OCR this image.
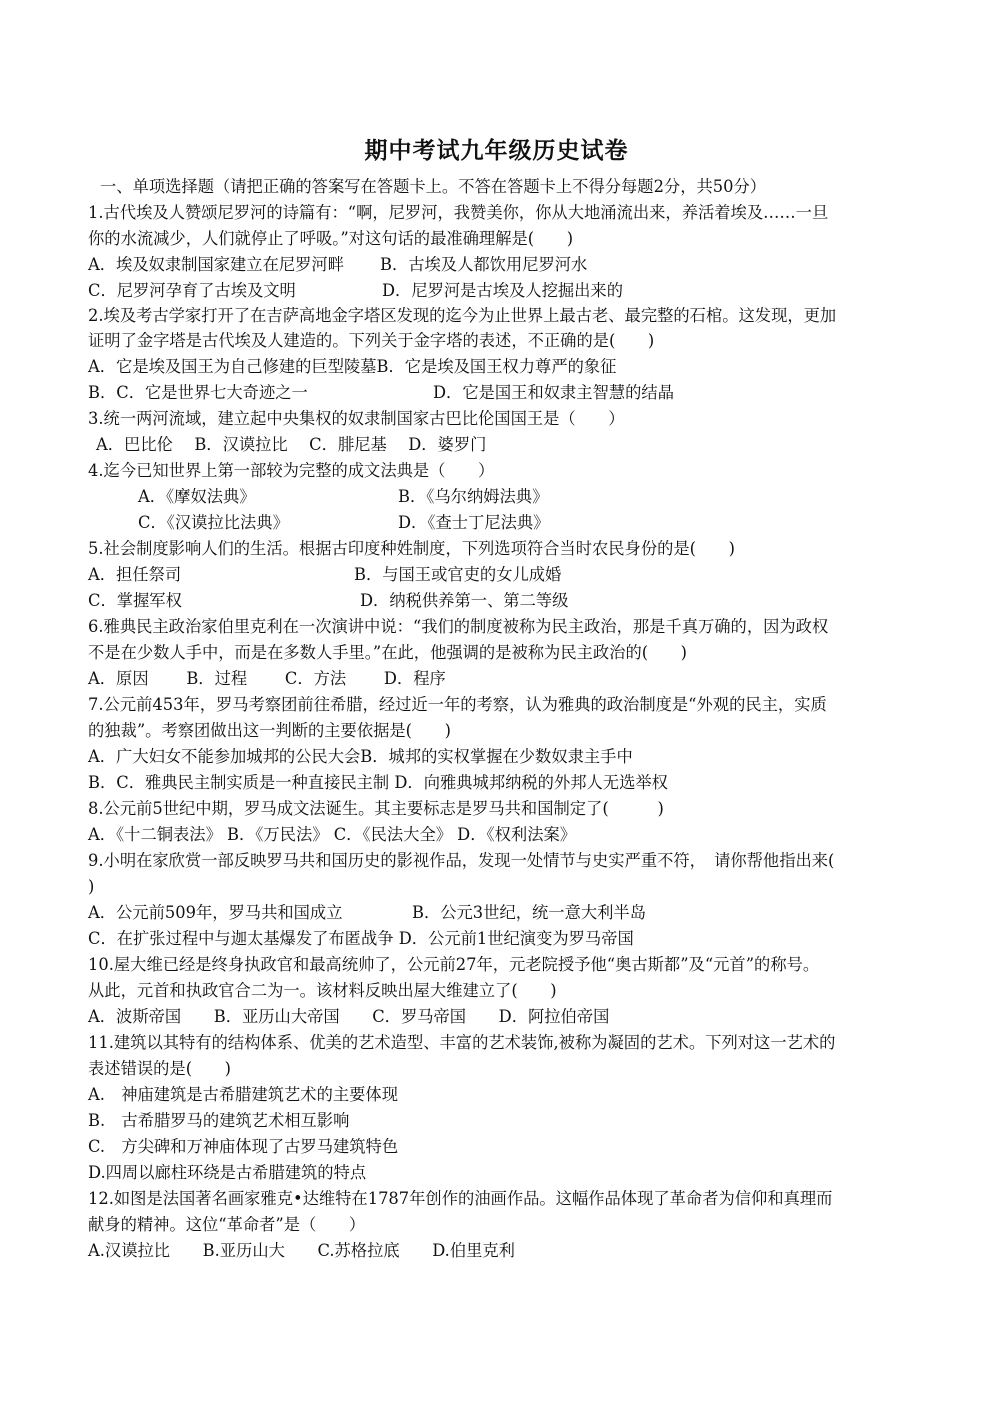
期中考试九年级历史试卷
一、单项选择题（请把正确的答案写在答题卡上。不答在答题卡上不得分每题2分，共50分）
1.古代埃及人赞颂尼罗河的诗篇有：“啊，尼罗河，我赞美你，你从大地涌流出来，养活着埃及……一旦
你的水流减少，人们就停止了呼吸。”对这句话的最准确理解是(　　)
A．埃及奴隶制国家建立在尼罗河畔 B．古埃及人都饮用尼罗河水
C．尼罗河孕育了古埃及文明	D．尼罗河是古埃及人挖掘出来的
2.埃及考古学家打开了在吉萨高地金字塔区发现的迄今为止世界上最古老、最完整的石棺。这发现，更加
证明了金字塔是古代埃及人建造的。下列关于金字塔的表述，不正确的是(　　)
A．它是埃及国王为自己修建的巨型陵墓B．它是埃及国王权力尊严的象征
B．C．它是世界七大奇迹之一	D．它是国王和奴隶主智慧的结晶
3.统一两河流域，建立起中央集权的奴隶制国家古巴比伦国国王是（　　）
A．巴比伦　 B．汉谟拉比　 C．腓尼基　 D．婆罗门
4.迄今已知世界上第一部较为完整的成文法典是（　　）
A．《摩奴法典》	B．《乌尔纳姆法典》
C．《汉谟拉比法典》	D．《查士丁尼法典》
5.社会制度影响人们的生活。根据古印度种姓制度，下列选项符合当时农民身份的是(　　)
A．担任祭司	B．与国王或官吏的女儿成婚
C．掌握军权	D．纳税供养第一、第二等级
6.雅典民主政治家伯里克利在一次演讲中说：“我们的制度被称为民主政治，那是千真万确的，因为政权
不是在少数人手中，而是在多数人手里。”在此，他强调的是被称为民主政治的(　　)
A．原因　　 B．过程　　 C．方法　　 D．程序
7.公元前453年，罗马考察团前往希腊，经过近一年的考察，认为雅典的政治制度是“外观的民主，实质
的独裁”。考察团做出这一判断的主要依据是(　　)
A．广大妇女不能参加城邦的公民大会B．城邦的实权掌握在少数奴隶主手中
B．C．雅典民主制实质是一种直接民主制 D．向雅典城邦纳税的外邦人无选举权
8.公元前5世纪中期，罗马成文法诞生。其主要标志是罗马共和国制定了(　　　)
A．《十二铜表法》 B．《万民法》 C．《民法大全》 D．《权利法案》
9.小明在家欣赏一部反映罗马共和国历史的影视作品，发现一处情节与史实严重不符，　请你帮他指出来(
)
A．公元前509年，罗马共和国成立	B．公元3世纪，统一意大利半岛
C．在扩张过程中与迦太基爆发了布匿战争 D．公元前1世纪演变为罗马帝国
10.屋大维已经是终身执政官和最高统帅了，公元前27年，元老院授予他“奥古斯都”及“元首”的称号。
从此，元首和执政官合二为一。该材料反映出屋大维建立了(　　)
A．波斯帝国　　B．亚历山大帝国　　C．罗马帝国　　D．阿拉伯帝国
11.建筑以其特有的结构体系、优美的艺术造型、丰富的艺术装饰,被称为凝固的艺术。下列对这一艺术的
表述错误的是(　　)
A.　神庙建筑是古希腊建筑艺术的主要体现
B.　古希腊罗马的建筑艺术相互影响
C.　方尖碑和万神庙体现了古罗马建筑特色
D.四周以廊柱环绕是古希腊建筑的特点
12.如图是法国著名画家雅克•达维特在1787年创作的油画作品。这幅作品体现了革命者为信仰和真理而
献身的精神。这位“革命者”是（　　）
A.汉谟拉比　　B.亚历山大　　C.苏格拉底　　D.伯里克利
